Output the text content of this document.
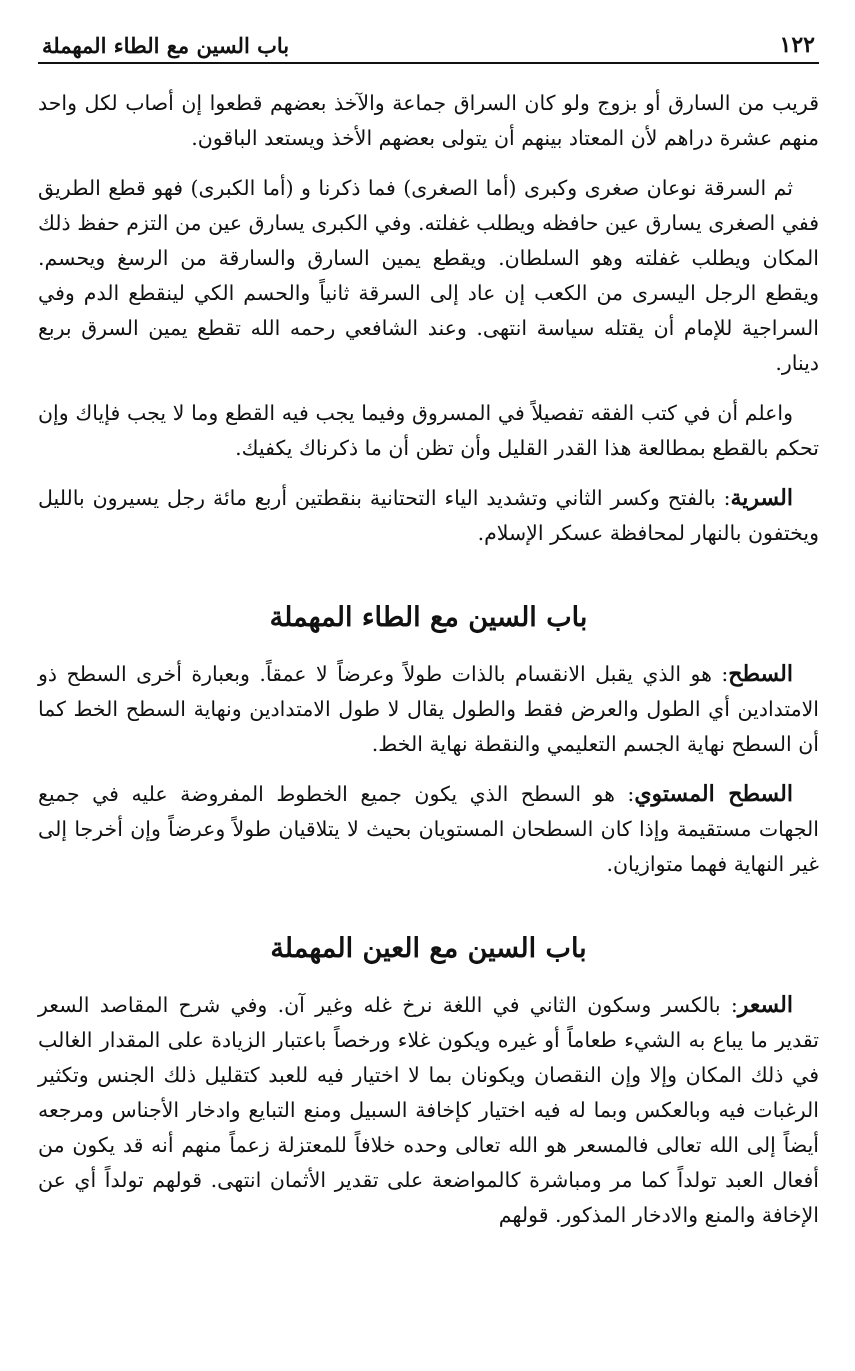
١٢٢
باب السين مع الطاء المهملة

قريب من السارق أو بزوج ولو كان السراق جماعة والآخذ بعضهم قطعوا إن أصاب لكل واحد منهم عشرة دراهم لأن المعتاد بينهم أن يتولى بعضهم الأخذ ويستعد الباقون.

ثم السرقة نوعان صغرى وكبرى (أما الصغرى) فما ذكرنا و (أما الكبرى) فهو قطع الطريق ففي الصغرى يسارق عين حافظه ويطلب غفلته. وفي الكبرى يسارق عين من التزم حفظ ذلك المكان ويطلب غفلته وهو السلطان. ويقطع يمين السارق والسارقة من الرسغ ويحسم. ويقطع الرجل اليسرى من الكعب إن عاد إلى السرقة ثانياً والحسم الكي لينقطع الدم وفي السراجية للإمام أن يقتله سياسة انتهى. وعند الشافعي رحمه الله تقطع يمين السرق بربع دينار.

واعلم أن في كتب الفقه تفصيلاً في المسروق وفيما يجب فيه القطع وما لا يجب فإياك وإن تحكم بالقطع بمطالعة هذا القدر القليل وأن تظن أن ما ذكرناك يكفيك.

السرية: بالفتح وكسر الثاني وتشديد الياء التحتانية بنقطتين أربع مائة رجل يسيرون بالليل ويختفون بالنهار لمحافظة عسكر الإسلام.

باب السين مع الطاء المهملة

السطح: هو الذي يقبل الانقسام بالذات طولاً وعرضاً لا عمقاً. وبعبارة أخرى السطح ذو الامتدادين أي الطول والعرض فقط والطول يقال لا طول الامتدادين ونهاية السطح الخط كما أن السطح نهاية الجسم التعليمي والنقطة نهاية الخط.

السطح المستوي: هو السطح الذي يكون جميع الخطوط المفروضة عليه في جميع الجهات مستقيمة وإذا كان السطحان المستويان بحيث لا يتلاقيان طولاً وعرضاً وإن أخرجا إلى غير النهاية فهما متوازيان.

باب السين مع العين المهملة

السعر: بالكسر وسكون الثاني في اللغة نرخ غله وغير آن. وفي شرح المقاصد السعر تقدير ما يباع به الشيء طعاماً أو غيره ويكون غلاء ورخصاً باعتبار الزيادة على المقدار الغالب في ذلك المكان وإلا وإن النقصان ويكونان بما لا اختيار فيه للعبد كتقليل ذلك الجنس وتكثير الرغبات فيه وبالعكس وبما له فيه اختيار كإخافة السبيل ومنع التبايع وادخار الأجناس ومرجعه أيضاً إلى الله تعالى فالمسعر هو الله تعالى وحده خلافاً للمعتزلة زعماً منهم أنه قد يكون من أفعال العبد تولداً كما مر ومباشرة كالمواضعة على تقدير الأثمان انتهى. قولهم تولداً أي عن الإخافة والمنع والادخار المذكور. قولهم
